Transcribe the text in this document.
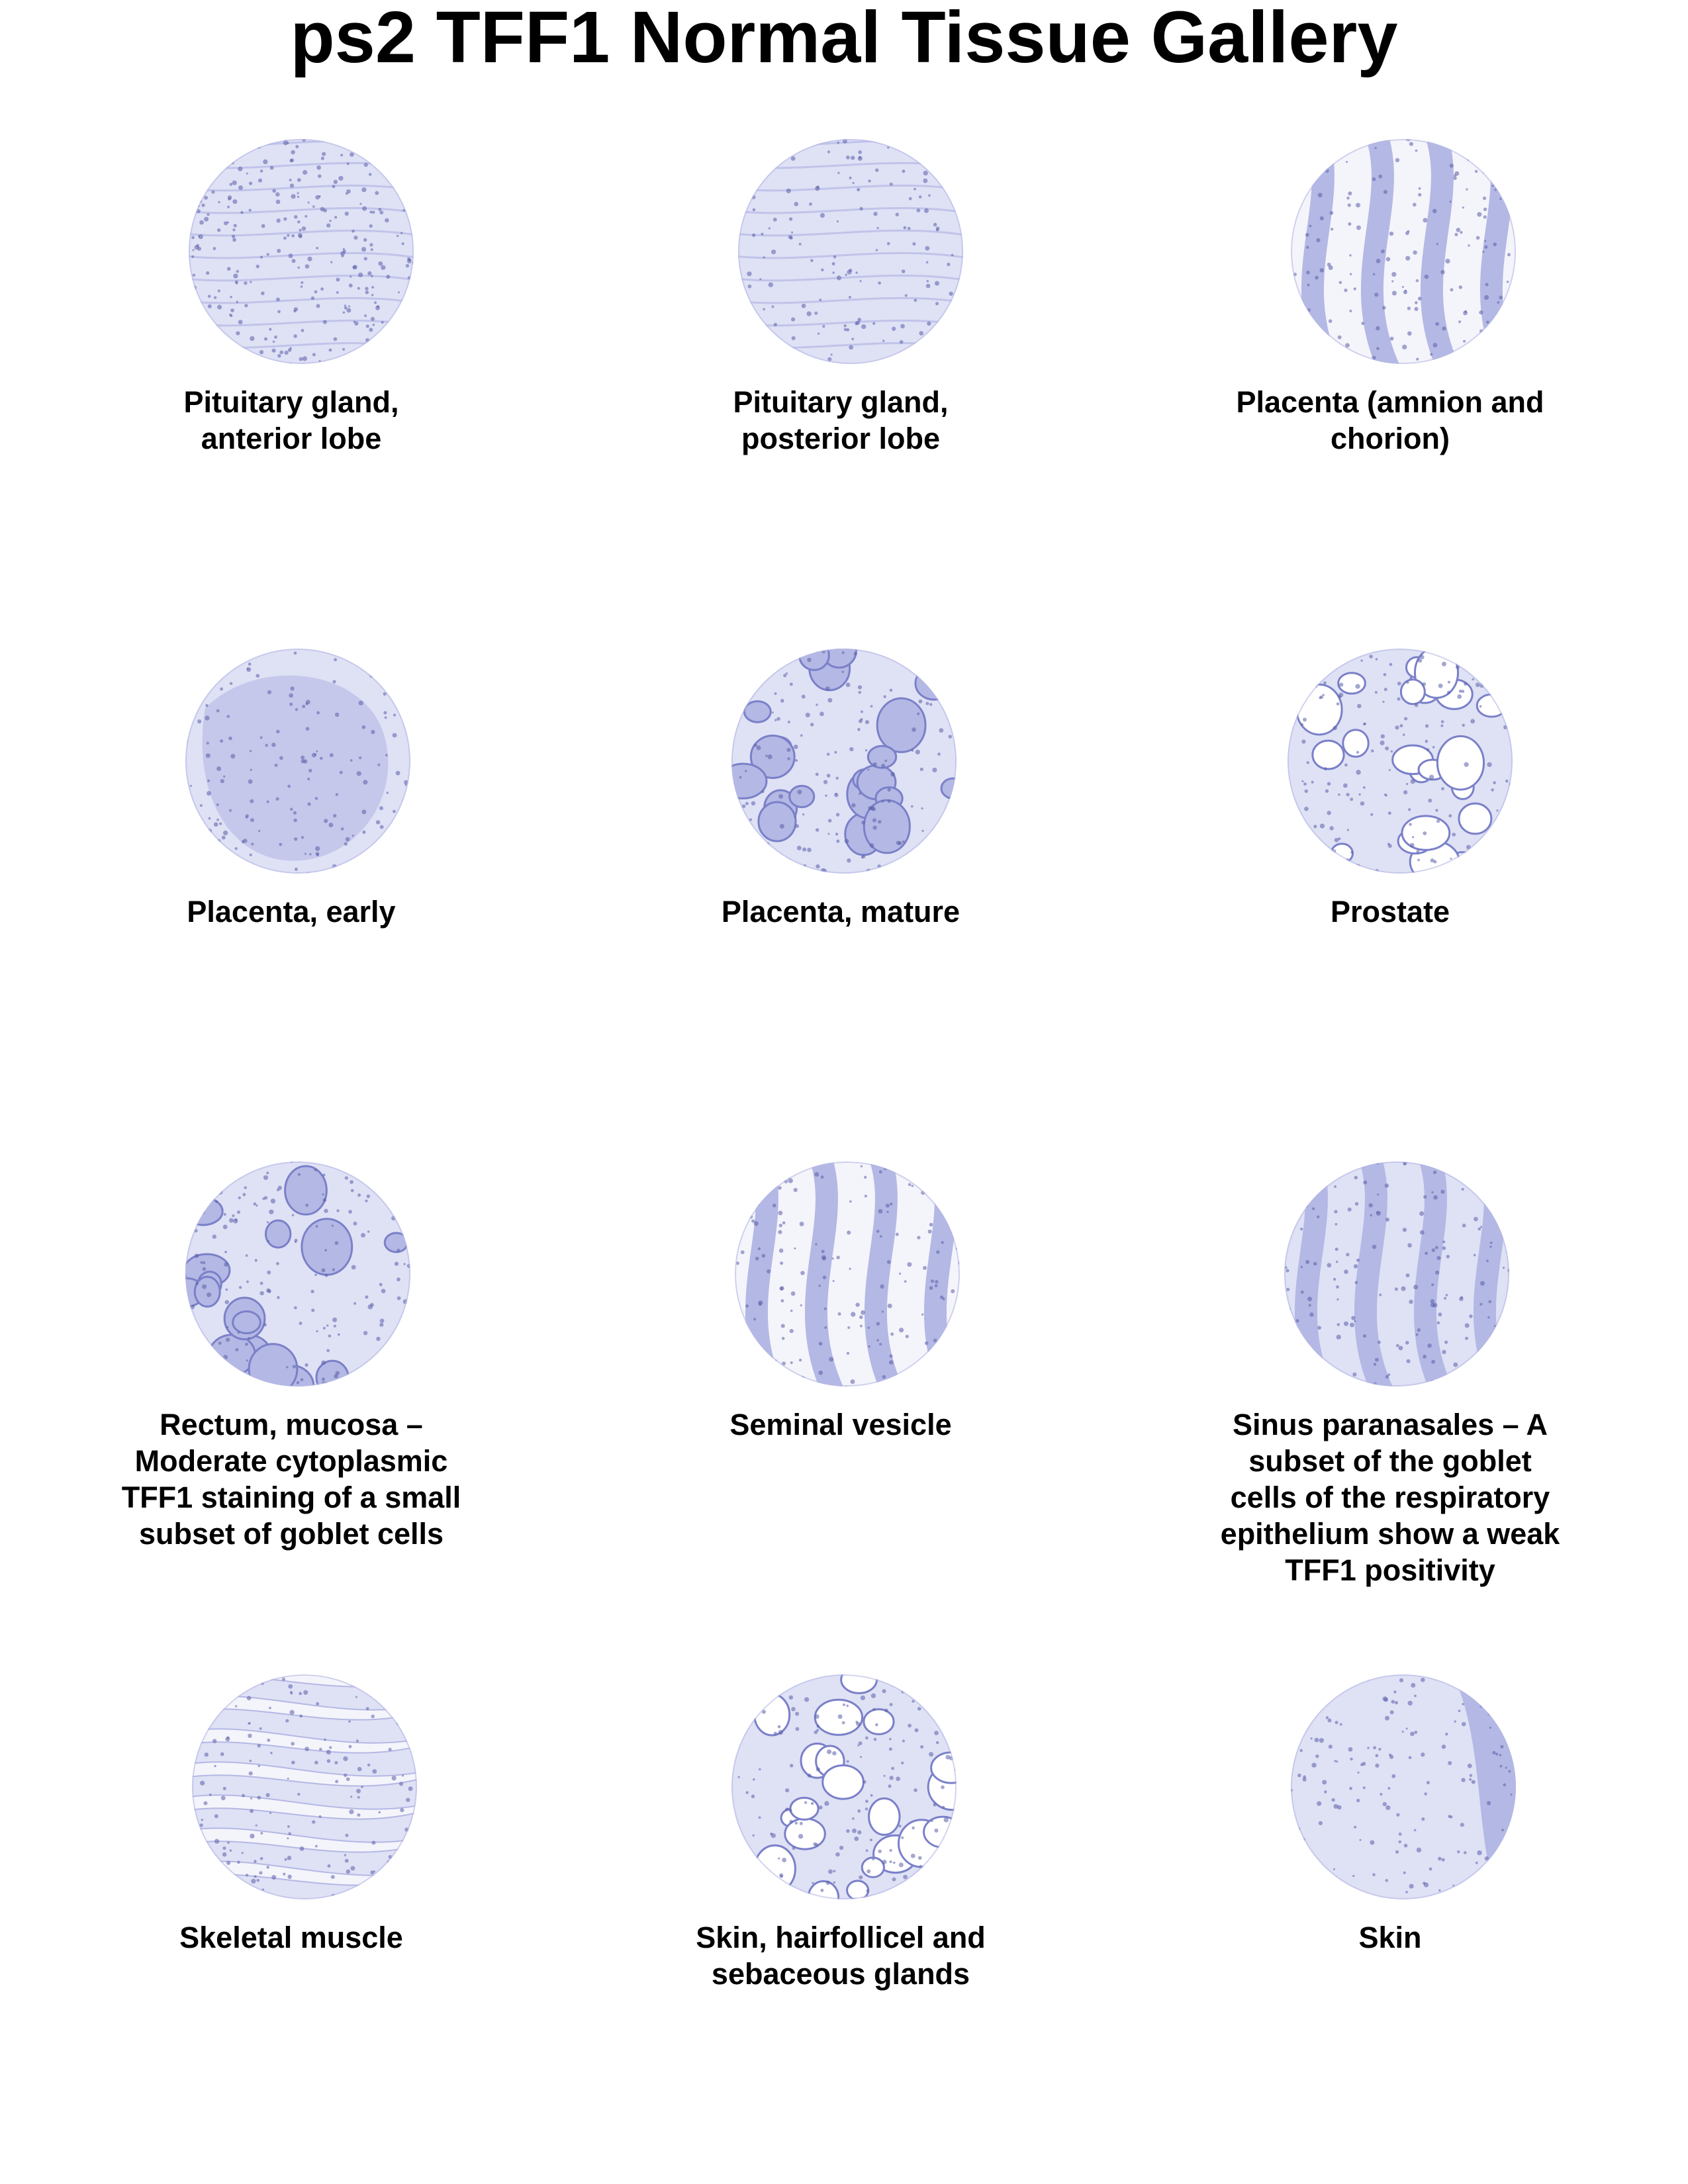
ps2 TFF1 Normal Tissue Gallery
Pituitary gland,
anterior lobe
Pituitary gland,
posterior lobe
Placenta (amnion and
chorion)
Placenta, early	Placenta, mature	Prostate
Rectum, mucosa –
Moderate cytoplasmic
TFF1 staining of a small
subset of goblet cells
Seminal vesicle	Sinus paranasales – A
subset of the goblet
cells of the respiratory
epithelium show a weak
TFF1 positivity
Skeletal muscle	Skin, hairfollicel and
sebaceous glands
Skin
